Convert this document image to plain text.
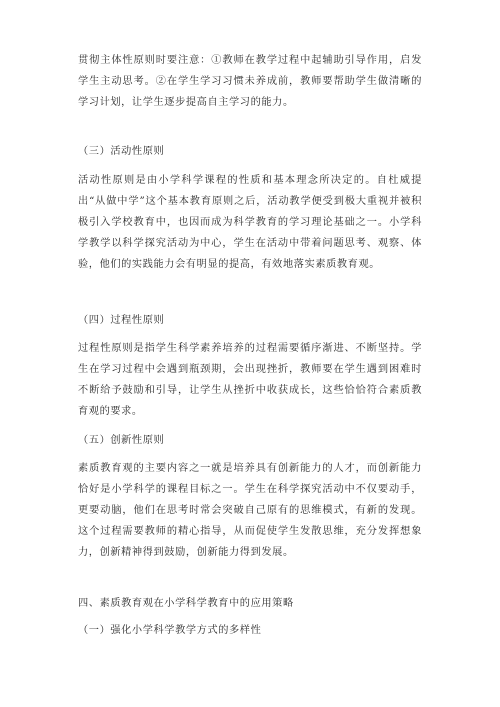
贯彻主体性原则时要注意：①教师在教学过程中起辅助引导作用，启发学生主动思考。②在学生学习习惯未养成前，教师要帮助学生做清晰的学习计划，让学生逐步提高自主学习的能力。

（三）活动性原则

活动性原则是由小学科学课程的性质和基本理念所决定的。自杜威提出“从做中学”这个基本教育原则之后，活动教学便受到极大重视并被积极引入学校教育中，也因而成为科学教育的学习理论基础之一。小学科学教学以科学探究活动为中心，学生在活动中带着问题思考、观察、体验，他们的实践能力会有明显的提高，有效地落实素质教育观。

（四）过程性原则

过程性原则是指学生科学素养培养的过程需要循序渐进、不断坚持。学生在学习过程中会遇到瓶颈期，会出现挫折，教师要在学生遇到困难时不断给予鼓励和引导，让学生从挫折中收获成长，这些恰恰符合素质教育观的要求。

（五）创新性原则

素质教育观的主要内容之一就是培养具有创新能力的人才，而创新能力恰好是小学科学的课程目标之一。学生在科学探究活动中不仅要动手，更要动脑，他们在思考时常会突破自己原有的思维模式，有新的发现。这个过程需要教师的精心指导，从而促使学生发散思维，充分发挥想象力，创新精神得到鼓励，创新能力得到发展。

四、素质教育观在小学科学教育中的应用策略

（一）强化小学科学教学方式的多样性
